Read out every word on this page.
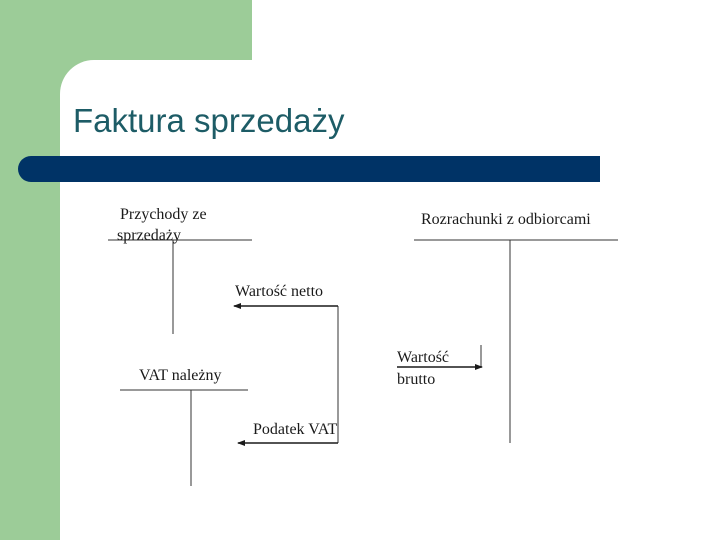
Faktura sprzedaży
Przychody ze
sprzedaży
Rozrachunki z odbiorcami
Wartość netto
Wartość
brutto
VAT należny
Podatek VAT
